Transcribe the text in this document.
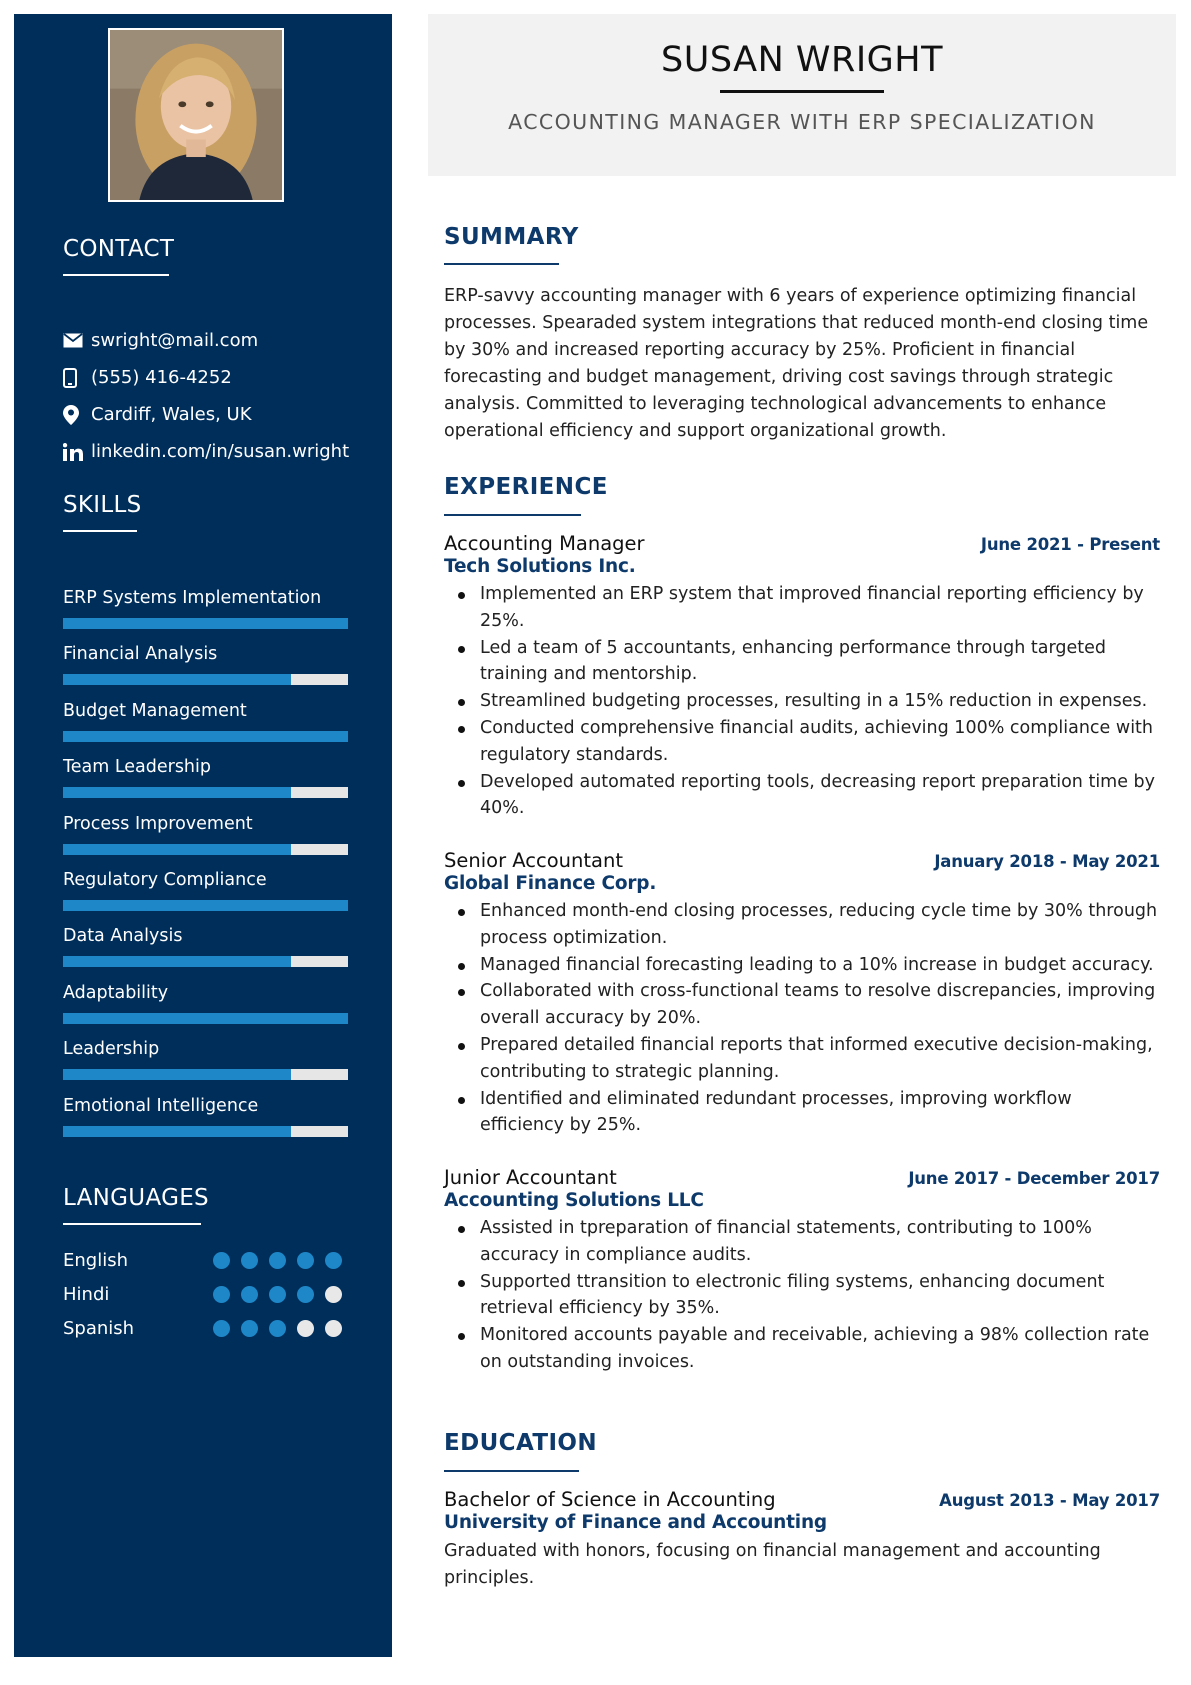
CONTACT
swright@mail.com
(555) 416-4252
Cardiff, Wales, UK
linkedin.com/in/susan.wright
SKILLS
ERP Systems Implementation
Financial Analysis
Budget Management
Team Leadership
Process Improvement
Regulatory Compliance
Data Analysis
Adaptability
Leadership
Emotional Intelligence
LANGUAGES
English
Hindi
Spanish
SUSAN WRIGHT
ACCOUNTING MANAGER WITH ERP SPECIALIZATION
SUMMARY

ERP-savvy accounting manager with 6 years of experience optimizing financial processes. Spearaded system integrations that reduced month-end closing time by 30% and increased reporting accuracy by 25%. Proficient in financial forecasting and budget management, driving cost savings through strategic analysis. Committed to leveraging technological advancements to enhance operational efficiency and support organizational growth.

EXPERIENCE
Accounting Manager	June 2021 - Present
Tech Solutions Inc.
Implemented an ERP system that improved financial reporting efficiency by 25%.
Led a team of 5 accountants, enhancing performance through targeted training and mentorship.
Streamlined budgeting processes, resulting in a 15% reduction in expenses.
Conducted comprehensive financial audits, achieving 100% compliance with regulatory standards.
Developed automated reporting tools, decreasing report preparation time by 40%.
Senior Accountant	January 2018 - May 2021
Global Finance Corp.
Enhanced month-end closing processes, reducing cycle time by 30% through process optimization.
Managed financial forecasting leading to a 10% increase in budget accuracy.
Collaborated with cross-functional teams to resolve discrepancies, improving overall accuracy by 20%.
Prepared detailed financial reports that informed executive decision-making, contributing to strategic planning.
Identified and eliminated redundant processes, improving workflow efficiency by 25%.
Junior Accountant	June 2017 - December 2017
Accounting Solutions LLC
Assisted in tpreparation of financial statements, contributing to 100% accuracy in compliance audits.
Supported ttransition to electronic filing systems, enhancing document retrieval efficiency by 35%.
Monitored accounts payable and receivable, achieving a 98% collection rate on outstanding invoices.
EDUCATION
Bachelor of Science in Accounting	August 2013 - May 2017
University of Finance and Accounting

Graduated with honors, focusing on financial management and accounting principles.
